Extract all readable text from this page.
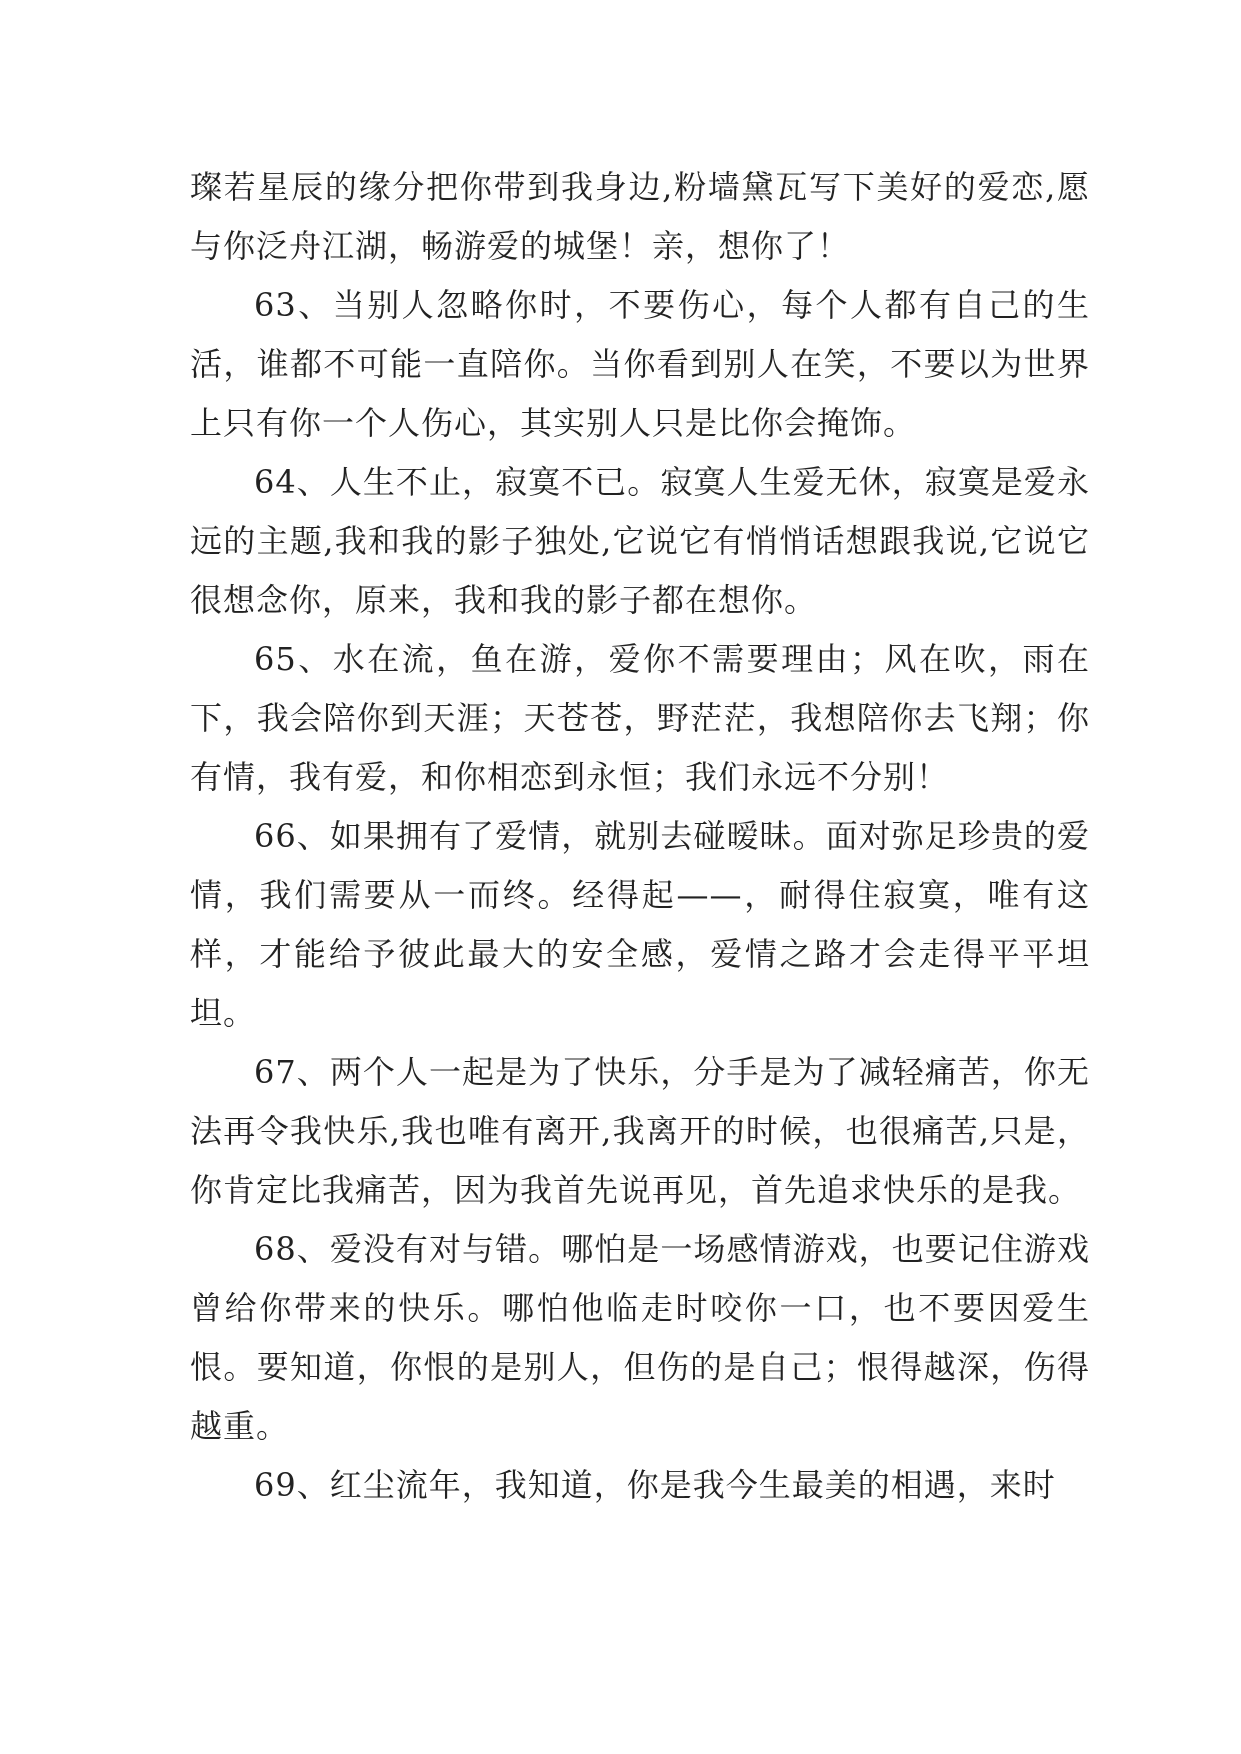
璨若星辰的缘分把你带到我身边,粉墙黛瓦写下美好的爱恋,愿与你泛舟江湖，畅游爱的城堡！亲，想你了！

63、当别人忽略你时，不要伤心，每个人都有自己的生活，谁都不可能一直陪你。当你看到别人在笑，不要以为世界上只有你一个人伤心，其实别人只是比你会掩饰。

64、人生不止，寂寞不已。寂寞人生爱无休，寂寞是爱永远的主题,我和我的影子独处,它说它有悄悄话想跟我说,它说它很想念你，原来，我和我的影子都在想你。

65、水在流，鱼在游，爱你不需要理由；风在吹，雨在下，我会陪你到天涯；天苍苍，野茫茫，我想陪你去飞翔；你有情，我有爱，和你相恋到永恒；我们永远不分别！

66、如果拥有了爱情，就别去碰暧昧。面对弥足珍贵的爱情，我们需要从一而终。经得起——，耐得住寂寞，唯有这样，才能给予彼此最大的安全感，爱情之路才会走得平平坦坦。

67、两个人一起是为了快乐，分手是为了减轻痛苦，你无法再令我快乐,我也唯有离开,我离开的时候，也很痛苦,只是，你肯定比我痛苦，因为我首先说再见，首先追求快乐的是我。

68、爱没有对与错。哪怕是一场感情游戏，也要记住游戏曾给你带来的快乐。哪怕他临走时咬你一口，也不要因爱生恨。要知道，你恨的是别人，但伤的是自己；恨得越深，伤得越重。

69、红尘流年，我知道，你是我今生最美的相遇，来时
